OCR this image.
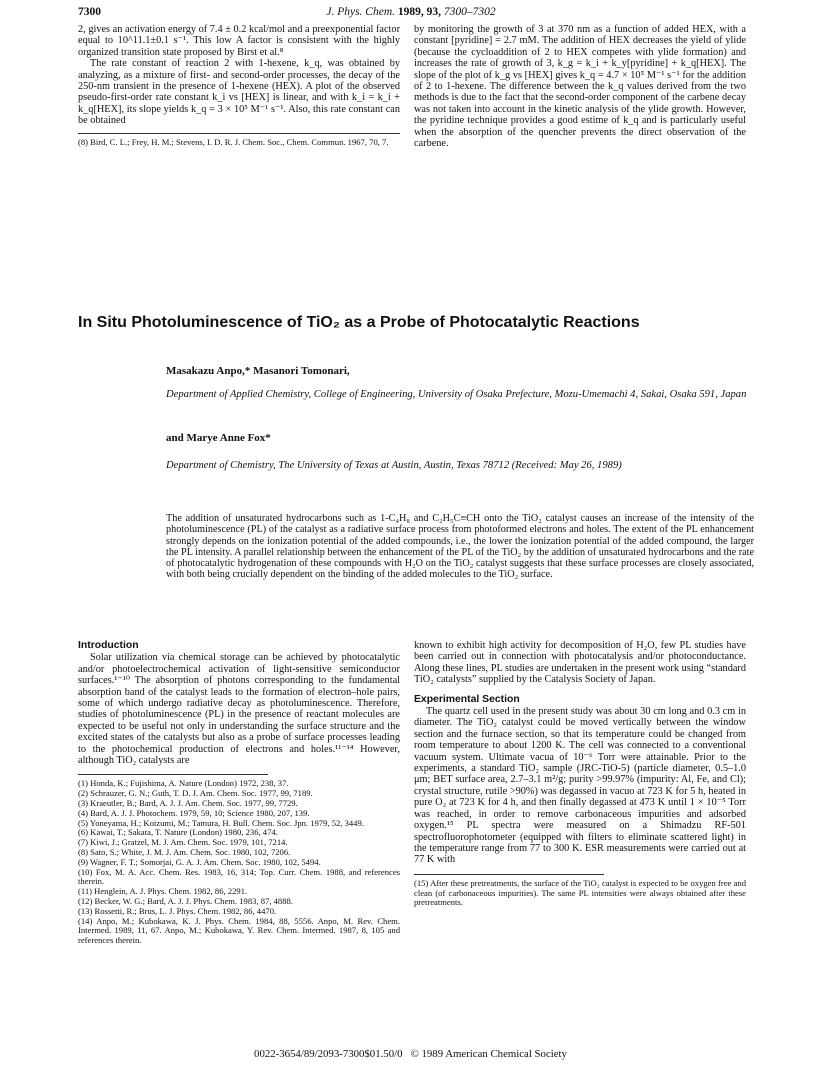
7300	J. Phys. Chem. 1989, 93, 7300–7302

2, gives an activation energy of 7.4 ± 0.2 kcal/mol and a preexponential factor equal to 10^11.1±0.1 s⁻¹. This low A factor is consistent with the highly organized transition state proposed by Birst et al.⁸

The rate constant of reaction 2 with 1-hexene, k_q, was obtained by analyzing, as a mixture of first- and second-order processes, the decay of the 250-nm transient in the presence of 1-hexene (HEX). A plot of the observed pseudo-first-order rate constant k_i vs [HEX] is linear, and with k_i = k_i + k_q[HEX], its slope yields k_q = 3 × 10⁵ M⁻¹ s⁻¹. Also, this rate constant can be obtained

(8) Bird, C. L.; Frey, H. M.; Stevens, I. D. R. J. Chem. Soc., Chem. Commun. 1967, 70, 7.

by monitoring the growth of 3 at 370 nm as a function of added HEX, with a constant [pyridine] = 2.7 mM. The addition of HEX decreases the yield of ylide (because the cycloaddition of 2 to HEX competes with ylide formation) and increases the rate of growth of 3, k_g = k_i + k_y[pyridine] + k_q[HEX]. The slope of the plot of k_g vs [HEX] gives k_q = 4.7 × 10⁵ M⁻¹ s⁻¹ for the addition of 2 to 1-hexene. The difference between the k_q values derived from the two methods is due to the fact that the second-order component of the carbene decay was not taken into account in the kinetic analysis of the ylide growth. However, the pyridine technique provides a good estime of k_q and is particularly useful when the absorption of the quencher prevents the direct observation of the carbene.

In Situ Photoluminescence of TiO₂ as a Probe of Photocatalytic Reactions
Masakazu Anpo,* Masanori Tomonari,
Department of Applied Chemistry, College of Engineering, University of Osaka Prefecture, Mozu-Umemachi 4, Sakai, Osaka 591, Japan
and Marye Anne Fox*
Department of Chemistry, The University of Texas at Austin, Austin, Texas 78712 (Received: May 26, 1989)
The addition of unsaturated hydrocarbons such as 1-C₄H₈ and C₂H₅C≡CH onto the TiO₂ catalyst causes an increase of the intensity of the photoluminescence (PL) of the catalyst as a radiative surface process from photoformed electrons and holes. The extent of the PL enhancement strongly depends on the ionization potential of the added compounds, i.e., the lower the ionization potential of the added compound, the larger the PL intensity. A parallel relationship between the enhancement of the PL of the TiO₂ by the addition of unsaturated hydrocarbons and the rate of photocatalytic hydrogenation of these compounds with H₂O on the TiO₂ catalyst suggests that these surface processes are closely associated, with both being crucially dependent on the binding of the added molecules to the TiO₂ surface.
Introduction

Solar utilization via chemical storage can be achieved by photocatalytic and/or photoelectrochemical activation of light-sensitive semiconductor surfaces.¹⁻¹⁰ The absorption of photons corresponding to the fundamental absorption band of the catalyst leads to the formation of electron–hole pairs, some of which undergo radiative decay as photoluminescence. Therefore, studies of photoluminescence (PL) in the presence of reactant molecules are expected to be useful not only in understanding the surface structure and the excited states of the catalysts but also as a probe of surface processes leading to the photochemical production of electrons and holes.¹¹⁻¹⁴ However, although TiO₂ catalysts are

(1) Honda, K.; Fujishima, A. Nature (London) 1972, 238, 37.

(2) Schrauzer, G. N.; Guth, T. D. J. Am. Chem. Soc. 1977, 99, 7189.

(3) Kraeutler, B.; Bard, A. J. J. Am. Chem. Soc. 1977, 99, 7729.

(4) Bard, A. J. J. Photochem. 1979, 59, 10; Science 1980, 207, 139.

(5) Yoneyama, H.; Koizumi, M.; Tamura, H. Bull. Chem. Soc. Jpn. 1979, 52, 3449.

(6) Kawai, T.; Sakata, T. Nature (London) 1980, 236, 474.

(7) Kiwi, J.; Gratzel, M. J. Am. Chem. Soc. 1979, 101, 7214.

(8) Sato, S.; White, J. M. J. Am. Chem. Soc. 1980, 102, 7206.

(9) Wagner, F. T.; Somorjai, G. A. J. Am. Chem. Soc. 1980, 102, 5494.

(10) Fox, M. A. Acc. Chem. Res. 1983, 16, 314; Top. Curr. Chem. 1988, and references therein.

(11) Henglein, A. J. Phys. Chem. 1982, 86, 2291.

(12) Becker, W. G.; Bard, A. J. J. Phys. Chem. 1983, 87, 4888.

(13) Rossetti, R.; Brus, L. J. Phys. Chem. 1982, 86, 4470.

(14) Anpo, M.; Kubokawa, K. J. Phys. Chem. 1984, 88, 5556. Anpo, M. Rev. Chem. Intermed. 1989, 11, 67. Anpo, M.; Kubokawa, Y. Rev. Chem. Intermed. 1987, 8, 105 and references therein.

known to exhibit high activity for decomposition of H₂O, few PL studies have been carried out in connection with photocatalysis and/or photoconductance. Along these lines, PL studies are undertaken in the present work using “standard TiO₂ catalysts” supplied by the Catalysis Society of Japan.

Experimental Section

The quartz cell used in the present study was about 30 cm long and 0.3 cm in diameter. The TiO₂ catalyst could be moved vertically between the window section and the furnace section, so that its temperature could be changed from room temperature to about 1200 K. The cell was connected to a conventional vacuum system. Ultimate vacua of 10⁻⁶ Torr were attainable. Prior to the experiments, a standard TiO₂ sample (JRC-TiO-5) (particle diameter, 0.5–1.0 μm; BET surface area, 2.7–3.1 m²/g; purity >99.97% (impurity: Al, Fe, and Cl); crystal structure, rutile >90%) was degassed in vacuo at 723 K for 5 h, heated in pure O₂ at 723 K for 4 h, and then finally degassed at 473 K until 1 × 10⁻⁵ Torr was reached, in order to remove carbonaceous impurities and adsorbed oxygen.¹⁵ PL spectra were measured on a Shimadzu RF-501 spectrofluorophotometer (equipped with filters to eliminate scattered light) in the temperature range from 77 to 300 K. ESR measurements were carried out at 77 K with

(15) After these pretreatments, the surface of the TiO₂ catalyst is expected to be oxygen free and clean (of carbonaceous impurities). The same PL intensities were always obtained after these pretreatments.

0022-3654/89/2093-7300$01.50/0 © 1989 American Chemical Society
